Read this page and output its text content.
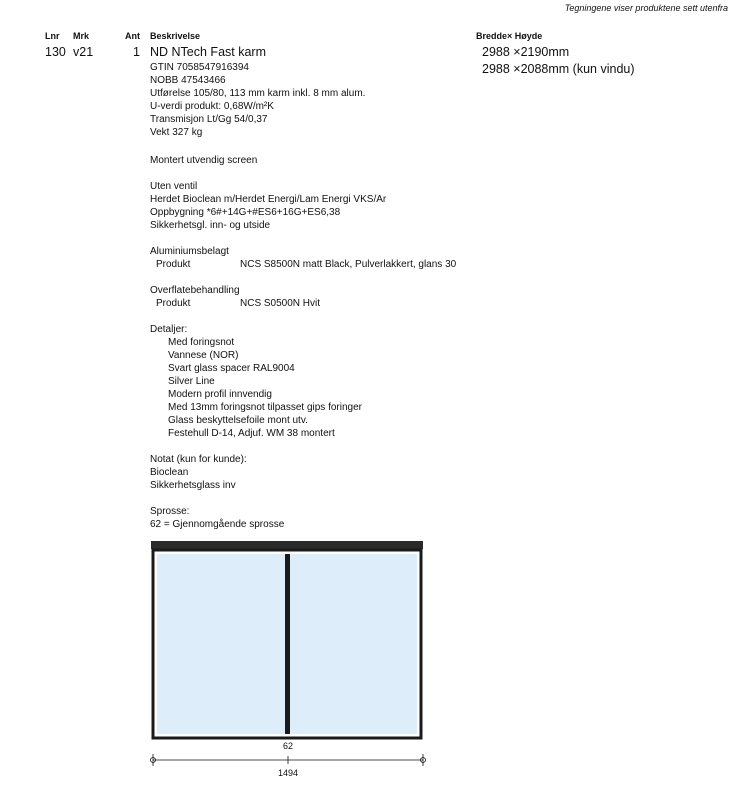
Tegningene viser produktene sett utenfra
Lnr Mrk	Ant Beskrivelse	Bredde× Høyde
130 v21	1 ND NTech Fast karm	2988 ×2190mm
2988 ×2088mm (kun vindu)
GTIN 7058547916394
NOBB 47543466
Utførelse 105/80, 113 mm karm inkl. 8 mm alum.
U-verdi produkt: 0,68W/m²K
Transmisjon Lt/Gg 54/0,37
Vekt 327 kg
Montert utvendig screen
Uten ventil
Herdet Bioclean m/Herdet Energi/Lam Energi VKS/Ar
Oppbygning *6#+14G+#ES6+16G+ES6,38
Sikkerhetsgl. inn- og utside
Aluminiumsbelagt
Produkt	NCS S8500N matt Black, Pulverlakkert, glans 30
Overflatebehandling
Produkt	NCS S0500N Hvit
Detaljer:
Med foringsnot
Vannese (NOR)
Svart glass spacer RAL9004
Silver Line
Modern profil innvendig
Med 13mm foringsnot tilpasset gips foringer
Glass beskyttelsefoile mont utv.
Festehull D-14, Adjuf. WM 38 montert
Notat (kun for kunde):
Bioclean
Sikkerhetsglass inv
Sprosse:
62 = Gjennomgående sprosse
62
1494
